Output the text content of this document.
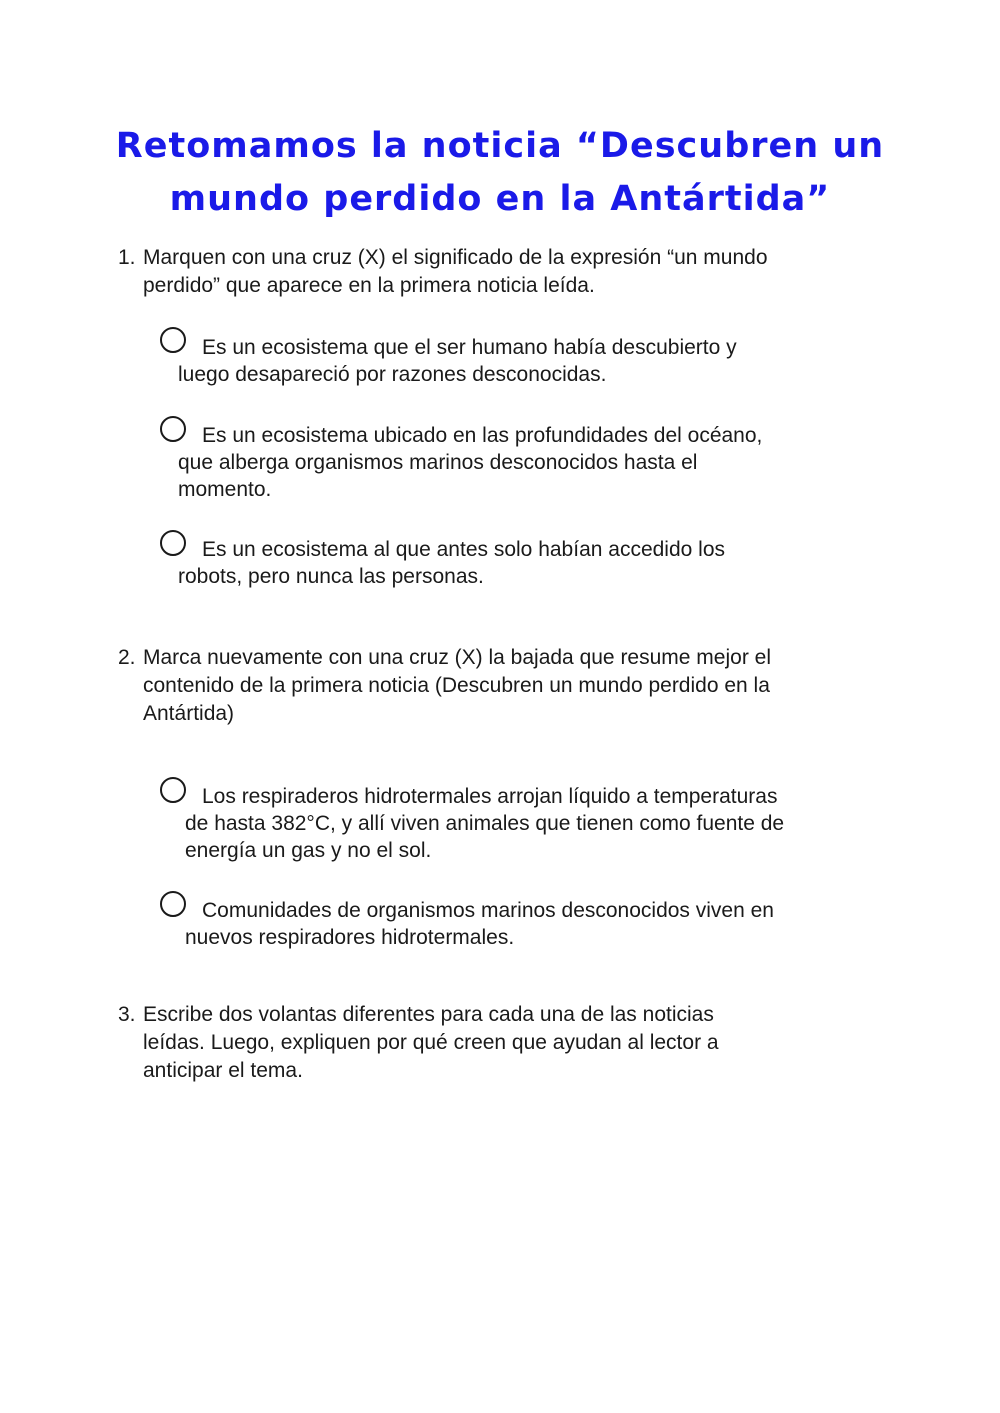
Retomamos la noticia “Descubren un
mundo perdido en la Antártida”
1. Marquen con una cruz (X) el significado de la expresión “un mundo
perdido” que aparece en la primera noticia leída.

Es un ecosistema que el ser humano había descubierto y
luego desapareció por razones desconocidas.

Es un ecosistema ubicado en las profundidades del océano,
que alberga organismos marinos desconocidos hasta el
momento.

Es un ecosistema al que antes solo habían accedido los
robots, pero nunca las personas.

2. Marca nuevamente con una cruz (X) la bajada que resume mejor el
contenido de la primera noticia (Descubren un mundo perdido en la
Antártida)

Los respiraderos hidrotermales arrojan líquido a temperaturas
de hasta 382°C, y allí viven animales que tienen como fuente de
energía un gas y no el sol.

Comunidades de organismos marinos desconocidos viven en
nuevos respiradores hidrotermales.

3. Escribe dos volantas diferentes para cada una de las noticias
leídas. Luego, expliquen por qué creen que ayudan al lector a
anticipar el tema.
